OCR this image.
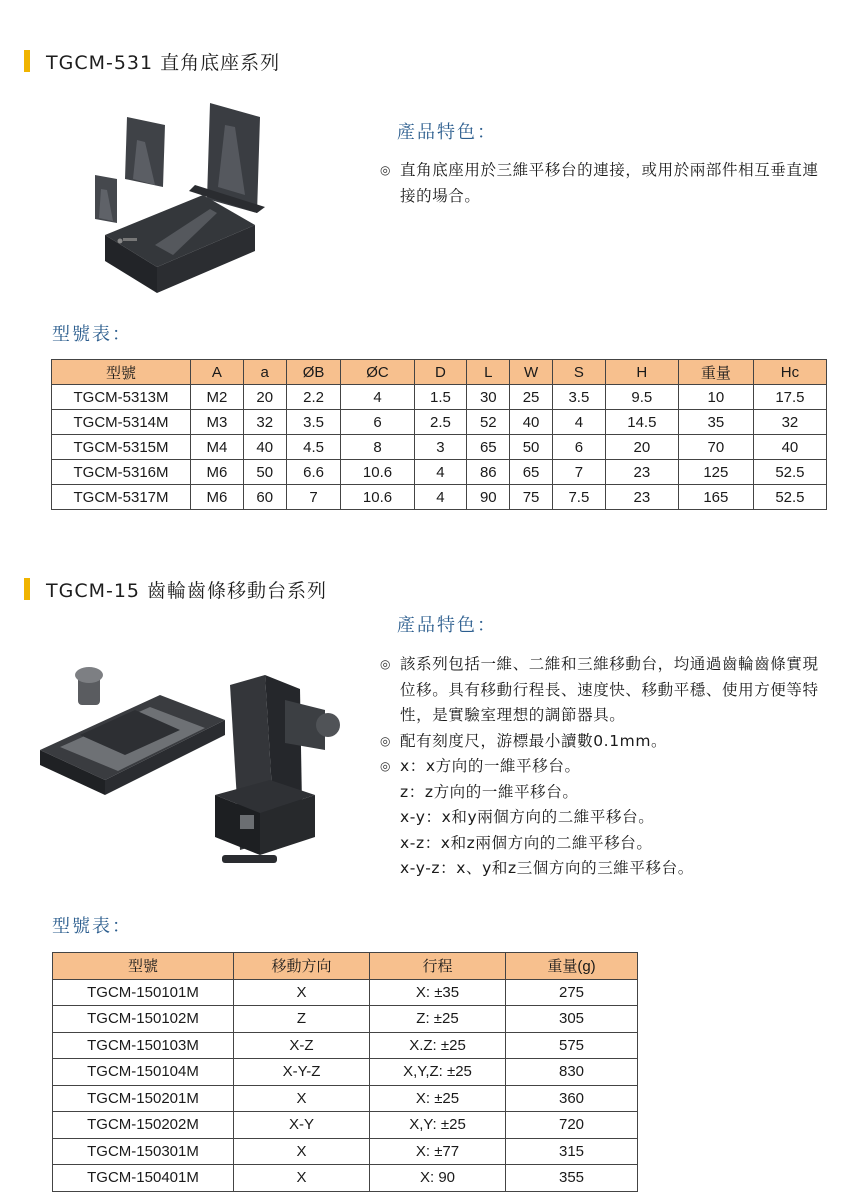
TGCM-531 直角底座系列
產品特色：
◎ 直角底座用於三維平移台的連接，或用於兩部件相互垂直連接的場合。
型號表：
型號	A	a	ØB	ØC	D	L	W	S	H	重量	Hc
TGCM-5313M	M2	20	2.2	4	1.5	30	25	3.5	9.5	10	17.5
TGCM-5314M	M3	32	3.5	6	2.5	52	40	4	14.5	35	32
TGCM-5315M	M4	40	4.5	8	3	65	50	6	20	70	40
TGCM-5316M	M6	50	6.6	10.6	4	86	65	7	23	125	52.5
TGCM-5317M	M6	60	7	10.6	4	90	75	7.5	23	165	52.5
TGCM-15 齒輪齒條移動台系列
產品特色：
◎ 該系列包括一維、二維和三維移動台，均通過齒輪齒條實現位移。具有移動行程長、速度快、移動平穩、使用方便等特性，是實驗室理想的調節器具。
◎ 配有刻度尺，游標最小讀數0.1mm。
◎ x：x方向的一維平移台。
z：z方向的一維平移台。
x-y：x和y兩個方向的二維平移台。
x-z：x和z兩個方向的二維平移台。
x-y-z：x、y和z三個方向的三維平移台。
型號表：
型號	移動方向	行程	重量(g)
TGCM-150101M	X	X: ±35	275
TGCM-150102M	Z	Z: ±25	305
TGCM-150103M	X-Z	X.Z: ±25	575
TGCM-150104M	X-Y-Z	X,Y,Z: ±25	830
TGCM-150201M	X	X: ±25	360
TGCM-150202M	X-Y	X,Y: ±25	720
TGCM-150301M	X	X: ±77	315
TGCM-150401M	X	X: 90	355
